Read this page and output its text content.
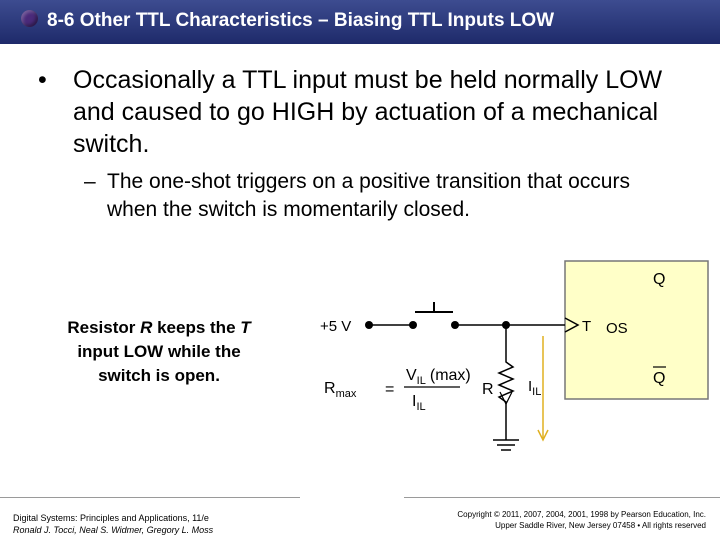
8-6 Other TTL Characteristics – Biasing TTL Inputs LOW
•	Occasionally a TTL input must be held normally LOW and caused to go HIGH by actuation of a mechanical switch.
– The one-shot triggers on a positive transition that occurs when the switch is momentarily closed.
Resistor R keeps the T input LOW while the switch is open.
Q
Q
T OS
+5 V
R $I_{IL}$
$R_{max}$ =
$V_{IL}$ (max)
$I_{IL}$
Digital Systems: Principles and Applications, 11/e
Ronald J. Tocci, Neal S. Widmer, Gregory L. Moss
Copyright © 2011, 2007, 2004, 2001, 1998 by Pearson Education, Inc.
Upper Saddle River, New Jersey 07458 • All rights reserved
